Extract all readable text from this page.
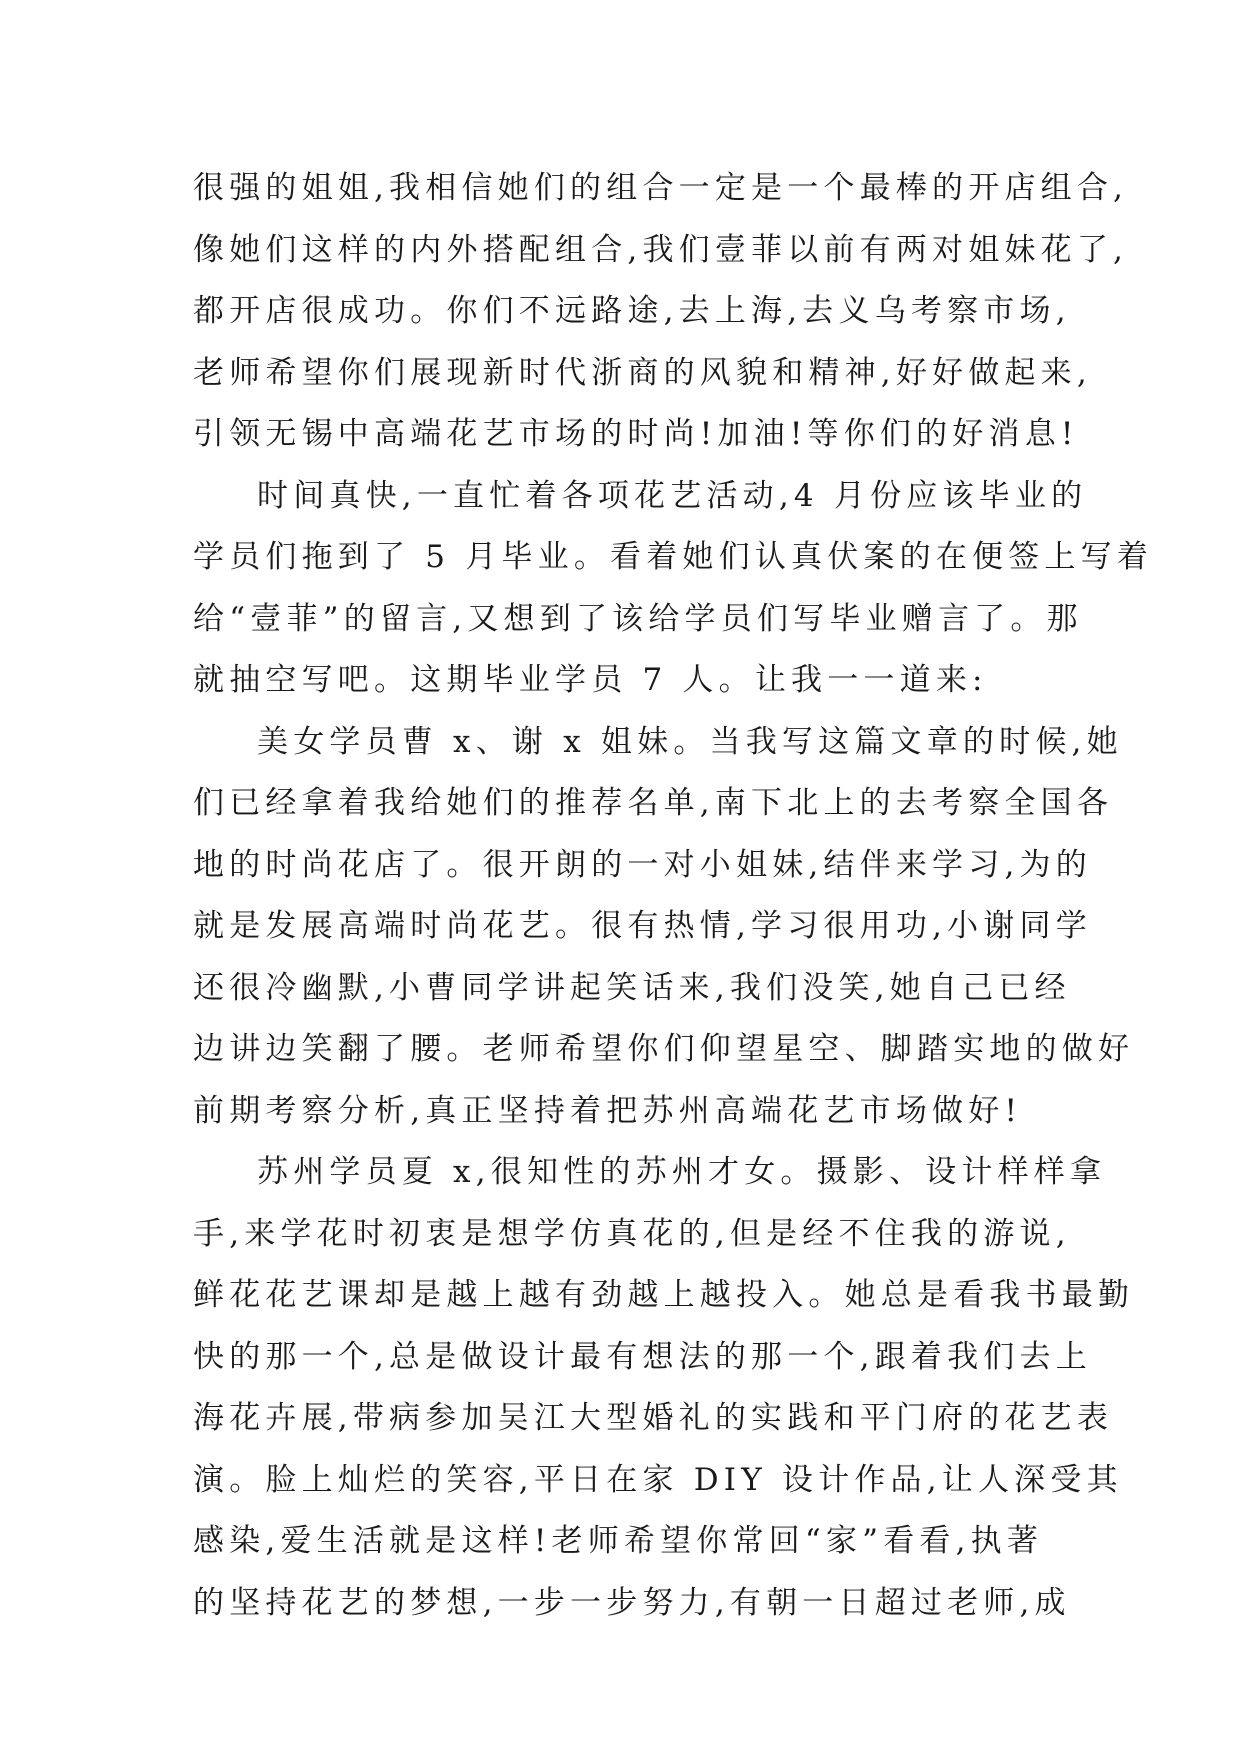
很强的姐姐,我相信她们的组合一定是一个最棒的开店组合,
像她们这样的内外搭配组合,我们壹菲以前有两对姐妹花了,
都开店很成功。你们不远路途,去上海,去义乌考察市场,
老师希望你们展现新时代浙商的风貌和精神,好好做起来,
引领无锡中高端花艺市场的时尚!加油!等你们的好消息!
时间真快,一直忙着各项花艺活动,4 月份应该毕业的
学员们拖到了 5 月毕业。看着她们认真伏案的在便签上写着
给“壹菲”的留言,又想到了该给学员们写毕业赠言了。那
就抽空写吧。这期毕业学员 7 人。让我一一道来:
美女学员曹 x、谢 x 姐妹。当我写这篇文章的时候,她
们已经拿着我给她们的推荐名单,南下北上的去考察全国各
地的时尚花店了。很开朗的一对小姐妹,结伴来学习,为的
就是发展高端时尚花艺。很有热情,学习很用功,小谢同学
还很冷幽默,小曹同学讲起笑话来,我们没笑,她自己已经
边讲边笑翻了腰。老师希望你们仰望星空、脚踏实地的做好
前期考察分析,真正坚持着把苏州高端花艺市场做好!
苏州学员夏 x,很知性的苏州才女。摄影、设计样样拿
手,来学花时初衷是想学仿真花的,但是经不住我的游说,
鲜花花艺课却是越上越有劲越上越投入。她总是看我书最勤
快的那一个,总是做设计最有想法的那一个,跟着我们去上
海花卉展,带病参加吴江大型婚礼的实践和平门府的花艺表
演。脸上灿烂的笑容,平日在家 DIY 设计作品,让人深受其
感染,爱生活就是这样!老师希望你常回“家”看看,执著
的坚持花艺的梦想,一步一步努力,有朝一日超过老师,成
